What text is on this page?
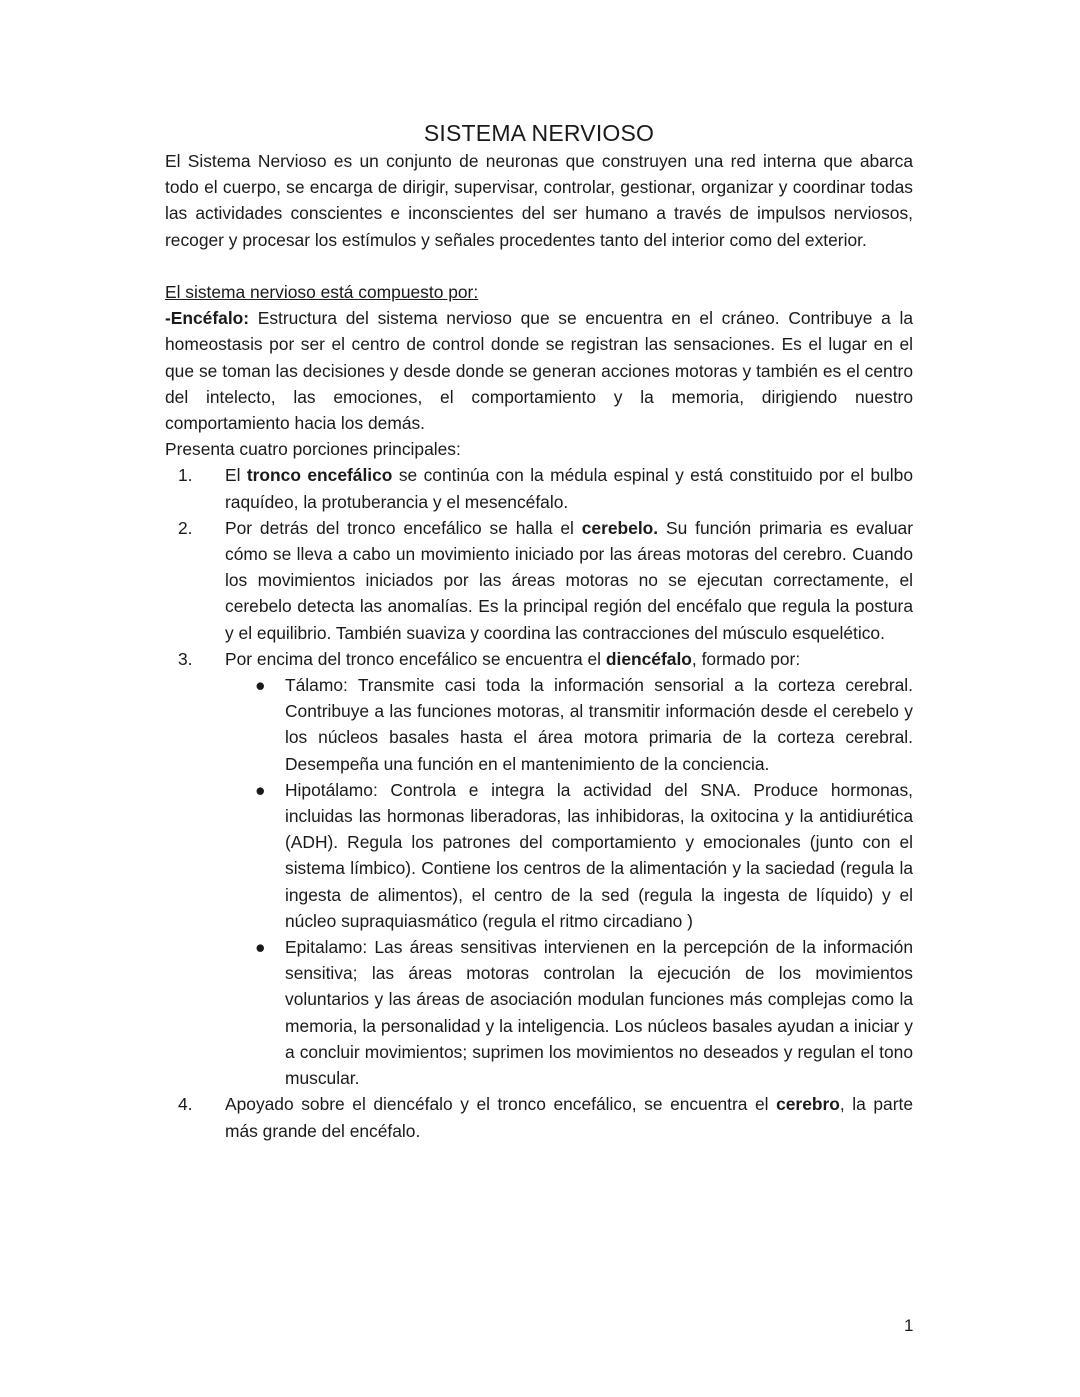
SISTEMA NERVIOSO

El Sistema Nervioso es un conjunto de neuronas que construyen una red interna que abarca todo el cuerpo, se encarga de dirigir, supervisar, controlar, gestionar, organizar y coordinar todas las actividades conscientes e inconscientes del ser humano a través de impulsos nerviosos, recoger y procesar los estímulos y señales procedentes tanto del interior como del exterior.

El sistema nervioso está compuesto por:

-Encéfalo: Estructura del sistema nervioso que se encuentra en el cráneo. Contribuye a la homeostasis por ser el centro de control donde se registran las sensaciones. Es el lugar en el que se toman las decisiones y desde donde se generan acciones motoras y también es el centro del intelecto, las emociones, el comportamiento y la memoria, dirigiendo nuestro comportamiento hacia los demás.

Presenta cuatro porciones principales:

1. El tronco encefálico se continúa con la médula espinal y está constituido por el bulbo raquídeo, la protuberancia y el mesencéfalo.
2. Por detrás del tronco encefálico se halla el cerebelo. Su función primaria es evaluar cómo se lleva a cabo un movimiento iniciado por las áreas motoras del cerebro. Cuando los movimientos iniciados por las áreas motoras no se ejecutan correctamente, el cerebelo detecta las anomalías. Es la principal región del encéfalo que regula la postura y el equilibrio. También suaviza y coordina las contracciones del músculo esquelético.
3. Por encima del tronco encefálico se encuentra el diencéfalo, formado por:
● Tálamo: Transmite casi toda la información sensorial a la corteza cerebral. Contribuye a las funciones motoras, al transmitir información desde el cerebelo y los núcleos basales hasta el área motora primaria de la corteza cerebral. Desempeña una función en el mantenimiento de la conciencia.
● Hipotálamo: Controla e integra la actividad del SNA. Produce hormonas, incluidas las hormonas liberadoras, las inhibidoras, la oxitocina y la antidiurética (ADH). Regula los patrones del comportamiento y emocionales (junto con el sistema límbico). Contiene los centros de la alimentación y la saciedad (regula la ingesta de alimentos), el centro de la sed (regula la ingesta de líquido) y el núcleo supraquiasmático (regula el ritmo circadiano )
● Epitalamo: Las áreas sensitivas intervienen en la percepción de la información sensitiva; las áreas motoras controlan la ejecución de los movimientos voluntarios y las áreas de asociación modulan funciones más complejas como la memoria, la personalidad y la inteligencia. Los núcleos basales ayudan a iniciar y a concluir movimientos; suprimen los movimientos no deseados y regulan el tono muscular.
4. Apoyado sobre el diencéfalo y el tronco encefálico, se encuentra el cerebro, la parte más grande del encéfalo.
1
